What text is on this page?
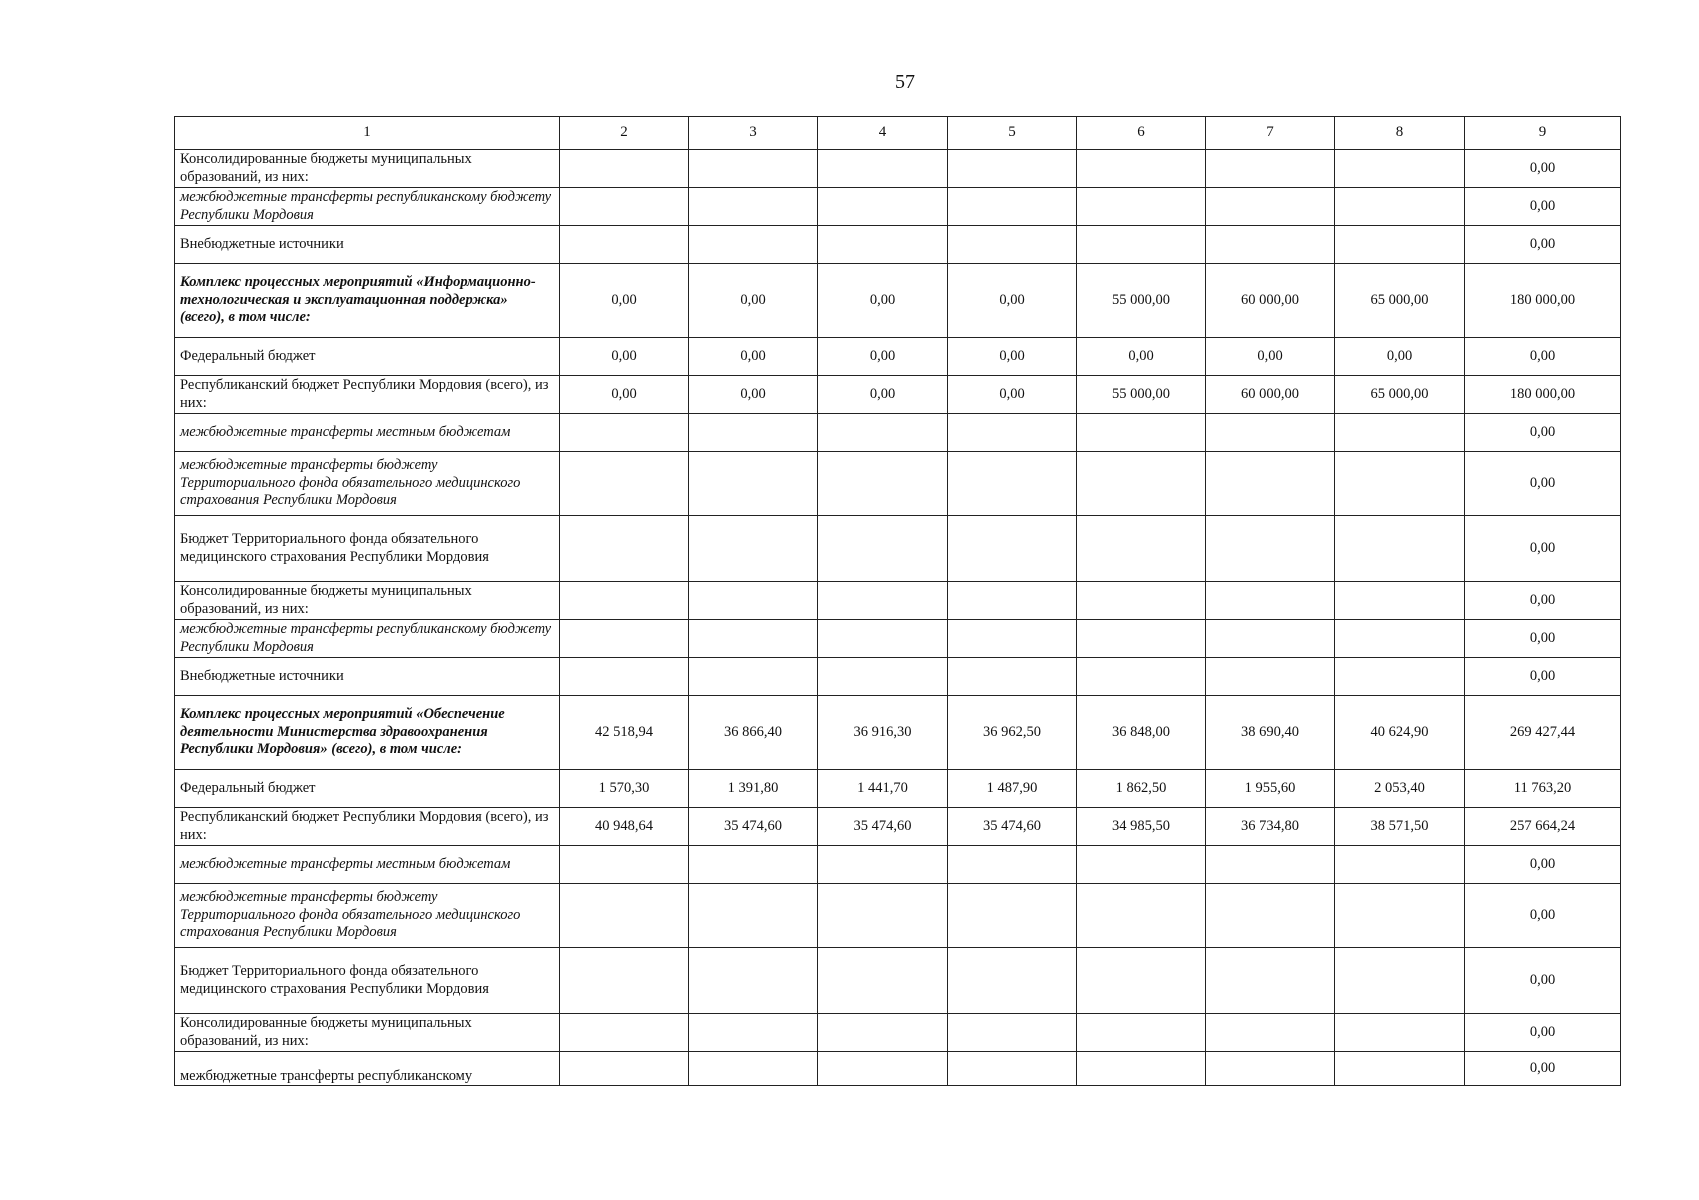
57
1	2	3	4	5	6	7	8	9
Консолидированные бюджеты муниципальных образований, из них:								0,00
межбюджетные трансферты республиканскому бюджету Республики Мордовия								0,00
Внебюджетные источники								0,00
Комплекс процессных мероприятий «Информационно-технологическая и эксплуатационная поддержка» (всего), в том числе:	0,00	0,00	0,00	0,00	55 000,00	60 000,00	65 000,00	180 000,00
Федеральный бюджет	0,00	0,00	0,00	0,00	0,00	0,00	0,00	0,00
Республиканский бюджет Республики Мордовия (всего), из них:	0,00	0,00	0,00	0,00	55 000,00	60 000,00	65 000,00	180 000,00
межбюджетные трансферты местным бюджетам								0,00
межбюджетные трансферты бюджету Территориального фонда обязательного медицинского страхования Республики Мордовия								0,00
Бюджет Территориального фонда обязательного медицинского страхования Республики Мордовия								0,00
Консолидированные бюджеты муниципальных образований, из них:								0,00
межбюджетные трансферты республиканскому бюджету Республики Мордовия								0,00
Внебюджетные источники								0,00
Комплекс процессных мероприятий «Обеспечение деятельности Министерства здравоохранения Республики Мордовия» (всего), в том числе:	42 518,94	36 866,40	36 916,30	36 962,50	36 848,00	38 690,40	40 624,90	269 427,44
Федеральный бюджет	1 570,30	1 391,80	1 441,70	1 487,90	1 862,50	1 955,60	2 053,40	11 763,20
Республиканский бюджет Республики Мордовия (всего), из них:	40 948,64	35 474,60	35 474,60	35 474,60	34 985,50	36 734,80	38 571,50	257 664,24
межбюджетные трансферты местным бюджетам								0,00
межбюджетные трансферты бюджету Территориального фонда обязательного медицинского страхования Республики Мордовия								0,00
Бюджет Территориального фонда обязательного медицинского страхования Республики Мордовия								0,00
Консолидированные бюджеты муниципальных образований, из них:								0,00
межбюджетные трансферты республиканскому								0,00
